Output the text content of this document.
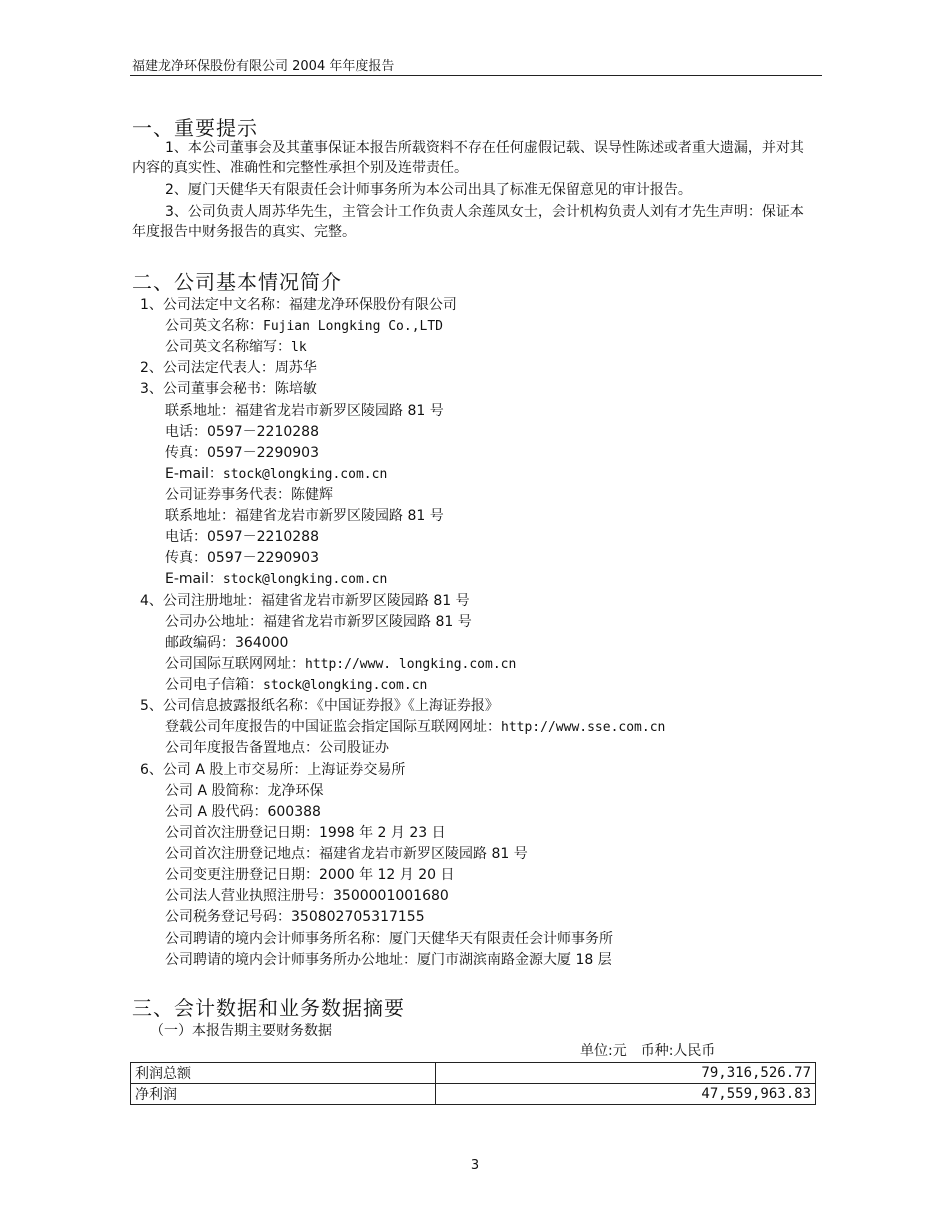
福建龙净环保股份有限公司 2004 年年度报告
一、重要提示
1、本公司董事会及其董事保证本报告所载资料不存在任何虚假记载、误导性陈述或者重大遗漏，并对其内容的真实性、准确性和完整性承担个别及连带责任。
2、厦门天健华天有限责任会计师事务所为本公司出具了标准无保留意见的审计报告。
3、公司负责人周苏华先生，主管会计工作负责人余莲凤女士，会计机构负责人刘有才先生声明：保证本年度报告中财务报告的真实、完整。
二、公司基本情况简介
1、公司法定中文名称：福建龙净环保股份有限公司
公司英文名称：Fujian Longking Co.,LTD
公司英文名称缩写：lk
2、公司法定代表人：周苏华
3、公司董事会秘书：陈培敏
联系地址：福建省龙岩市新罗区陵园路 81 号
电话：0597－2210288
传真：0597－2290903
E-mail：stock@longking.com.cn
公司证券事务代表：陈健辉
联系地址：福建省龙岩市新罗区陵园路 81 号
电话：0597－2210288
传真：0597－2290903
E-mail：stock@longking.com.cn
4、公司注册地址：福建省龙岩市新罗区陵园路 81 号
公司办公地址：福建省龙岩市新罗区陵园路 81 号
邮政编码：364000
公司国际互联网网址：http://www. longking.com.cn
公司电子信箱：stock@longking.com.cn
5、公司信息披露报纸名称：《中国证券报》《上海证券报》
登载公司年度报告的中国证监会指定国际互联网网址：http://www.sse.com.cn
公司年度报告备置地点：公司股证办
6、公司 A 股上市交易所：上海证券交易所
公司 A 股简称：龙净环保
公司 A 股代码：600388
公司首次注册登记日期：1998 年 2 月 23 日
公司首次注册登记地点：福建省龙岩市新罗区陵园路 81 号
公司变更注册登记日期：2000 年 12 月 20 日
公司法人营业执照注册号：3500001001680
公司税务登记号码：350802705317155
公司聘请的境内会计师事务所名称：厦门天健华天有限责任会计师事务所
公司聘请的境内会计师事务所办公地址：厦门市湖滨南路金源大厦 18 层
三、会计数据和业务数据摘要
（一）本报告期主要财务数据
单位:元　币种:人民币
利润总额	79,316,526.77
净利润	47,559,963.83
3
